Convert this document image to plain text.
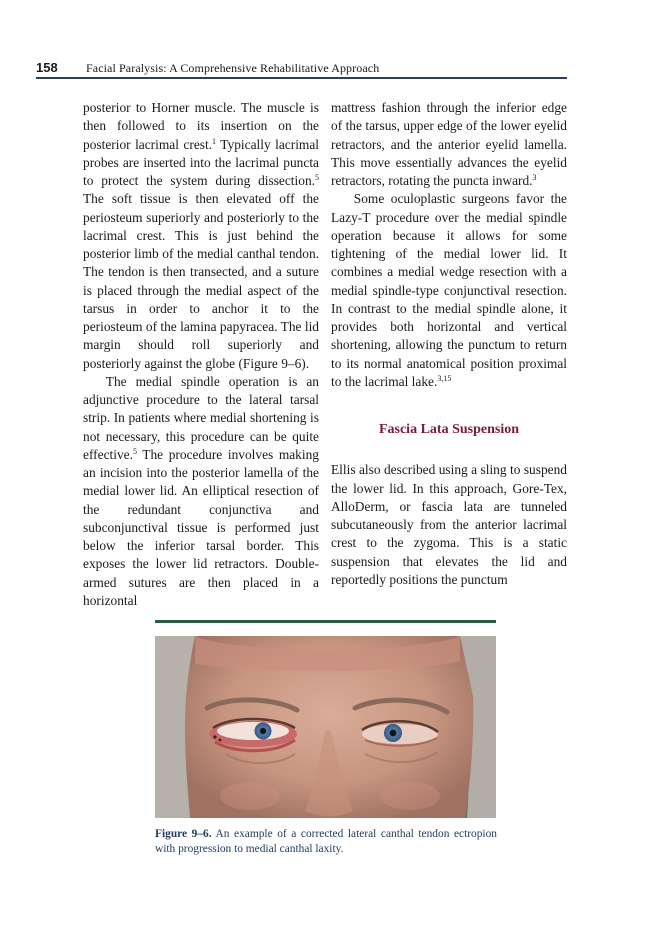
158 Facial Paralysis: A Comprehensive Rehabilitative Approach

posterior to Horner muscle. The muscle is then followed to its insertion on the posterior lacrimal crest.$^1$ Typically lacrimal probes are inserted into the lacrimal puncta to protect the system during dissection.$^5$ The soft tissue is then elevated off the periosteum superiorly and posteriorly to the lacrimal crest. This is just behind the posterior limb of the medial canthal tendon. The tendon is then transected, and a suture is placed through the medial aspect of the tarsus in order to anchor it to the periosteum of the lamina papyracea. The lid margin should roll superiorly and posteriorly against the globe (Figure 9–6).

The medial spindle operation is an adjunctive procedure to the lateral tarsal strip. In patients where medial shortening is not necessary, this procedure can be quite effective.$^5$ The procedure involves making an incision into the posterior lamella of the medial lower lid. An elliptical resection of the redundant conjunctiva and subconjunctival tissue is performed just below the inferior tarsal border. This exposes the lower lid retractors. Double-armed sutures are then placed in a horizontal

mattress fashion through the inferior edge of the tarsus, upper edge of the lower eyelid retractors, and the anterior eyelid lamella. This move essentially advances the eyelid retractors, rotating the puncta inward.$^3$

Some oculoplastic surgeons favor the Lazy-T procedure over the medial spindle operation because it allows for some tightening of the medial lower lid. It combines a medial wedge resection with a medial spindle-type conjunctival resection. In contrast to the medial spindle alone, it provides both horizontal and vertical shortening, allowing the punctum to return to its normal anatomical position proximal to the lacrimal lake.$^{3,15}$

Fascia Lata Suspension

Ellis also described using a sling to suspend the lower lid. In this approach, Gore-Tex, AlloDerm, or fascia lata are tunneled subcutaneously from the anterior lacrimal crest to the zygoma. This is a static suspension that elevates the lid and reportedly positions the punctum

Figure 9–6. An example of a corrected lateral canthal tendon ectropion with progression to medial canthal laxity.
